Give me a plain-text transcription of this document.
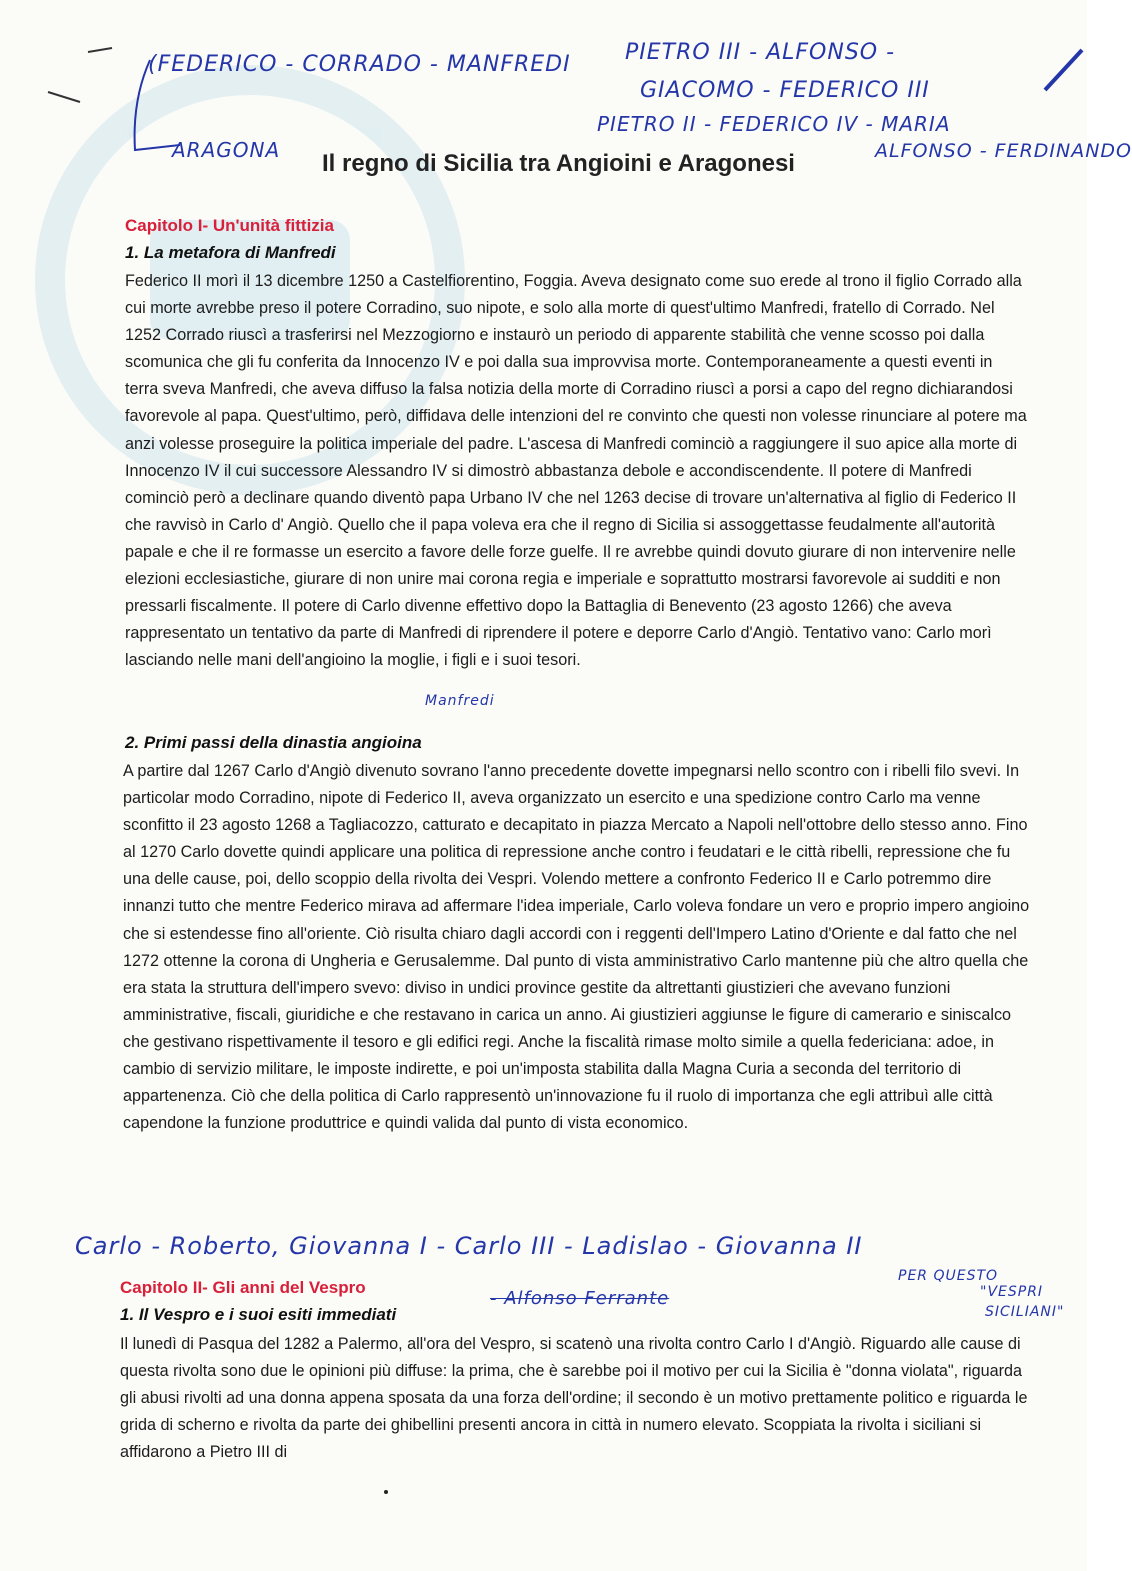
(FEDERICO - CORRADO - MANFREDI PIETRO III - ALFONSO -
GIACOMO - FEDERICO III
PIETRO II - FEDERICO IV - MARIA
ALFONSO - FERDINANDO
ARAGONA Il regno di Sicilia tra Angioini e Aragonesi
Capitolo I- Un'unità fittizia
1. La metafora di Manfredi
Federico II morì il 13 dicembre 1250 a Castelfiorentino, Foggia. Aveva designato come suo erede al trono il figlio Corrado alla cui morte avrebbe preso il potere Corradino, suo nipote, e solo alla morte di quest'ultimo Manfredi, fratello di Corrado. Nel 1252 Corrado riuscì a trasferirsi nel Mezzogiorno e instaurò un periodo di apparente stabilità che venne scosso poi dalla scomunica che gli fu conferita da Innocenzo IV e poi dalla sua improvvisa morte. Contemporaneamente a questi eventi in terra sveva Manfredi, che aveva diffuso la falsa notizia della morte di Corradino riuscì a porsi a capo del regno dichiarandosi favorevole al papa. Quest'ultimo, però, diffidava delle intenzioni del re convinto che questi non volesse rinunciare al potere ma anzi volesse proseguire la politica imperiale del padre. L'ascesa di Manfredi cominciò a raggiungere il suo apice alla morte di Innocenzo IV il cui successore Alessandro IV si dimostrò abbastanza debole e accondiscendente. Il potere di Manfredi cominciò però a declinare quando diventò papa Urbano IV che nel 1263 decise di trovare un'alternativa al figlio di Federico II che ravvisò in Carlo d' Angiò. Quello che il papa voleva era che il regno di Sicilia si assoggettasse feudalmente all'autorità papale e che il re formasse un esercito a favore delle forze guelfe. Il re avrebbe quindi dovuto giurare di non intervenire nelle elezioni ecclesiastiche, giurare di non unire mai corona regia e imperiale e soprattutto mostrarsi favorevole ai sudditi e non pressarli fiscalmente. Il potere di Carlo divenne effettivo dopo la Battaglia di Benevento (23 agosto 1266) che aveva rappresentato un tentativo da parte di Manfredi di riprendere il potere e deporre Carlo d'Angiò. Tentativo vano: Carlo morì lasciando nelle mani dell'angioino la moglie, i figli e i suoi tesori.
Manfredi
2. Primi passi della dinastia angioina
A partire dal 1267 Carlo d'Angiò divenuto sovrano l'anno precedente dovette impegnarsi nello scontro con i ribelli filo svevi. In particolar modo Corradino, nipote di Federico II, aveva organizzato un esercito e una spedizione contro Carlo ma venne sconfitto il 23 agosto 1268 a Tagliacozzo, catturato e decapitato in piazza Mercato a Napoli nell'ottobre dello stesso anno. Fino al 1270 Carlo dovette quindi applicare una politica di repressione anche contro i feudatari e le città ribelli, repressione che fu una delle cause, poi, dello scoppio della rivolta dei Vespri. Volendo mettere a confronto Federico II e Carlo potremmo dire innanzi tutto che mentre Federico mirava ad affermare l'idea imperiale, Carlo voleva fondare un vero e proprio impero angioino che si estendesse fino all'oriente. Ciò risulta chiaro dagli accordi con i reggenti dell'Impero Latino d'Oriente e dal fatto che nel 1272 ottenne la corona di Ungheria e Gerusalemme. Dal punto di vista amministrativo Carlo mantenne più che altro quella che era stata la struttura dell'impero svevo: diviso in undici province gestite da altrettanti giustizieri che avevano funzioni amministrative, fiscali, giuridiche e che restavano in carica un anno. Ai giustizieri aggiunse le figure di camerario e siniscalco che gestivano rispettivamente il tesoro e gli edifici regi. Anche la fiscalità rimase molto simile a quella federiciana: adoe, in cambio di servizio militare, le imposte indirette, e poi un'imposta stabilita dalla Magna Curia a seconda del territorio di appartenenza. Ciò che della politica di Carlo rappresentò un'innovazione fu il ruolo di importanza che egli attribuì alle città capendone la funzione produttrice e quindi valida dal punto di vista economico.
Carlo - Roberto, Giovanna I - Carlo III - Ladislao - Giovanna II
- Alfonso Ferrante
PER QUESTO
"VESPRI
SICILIANI"
Capitolo II- Gli anni del Vespro
1. Il Vespro e i suoi esiti immediati
Il lunedì di Pasqua del 1282 a Palermo, all'ora del Vespro, si scatenò una rivolta contro Carlo I d'Angiò. Riguardo alle cause di questa rivolta sono due le opinioni più diffuse: la prima, che è sarebbe poi il motivo per cui la Sicilia è "donna violata", riguarda gli abusi rivolti ad una donna appena sposata da una forza dell'ordine; il secondo è un motivo prettamente politico e riguarda le grida di scherno e rivolta da parte dei ghibellini presenti ancora in città in numero elevato. Scoppiata la rivolta i siciliani si affidarono a Pietro III di
